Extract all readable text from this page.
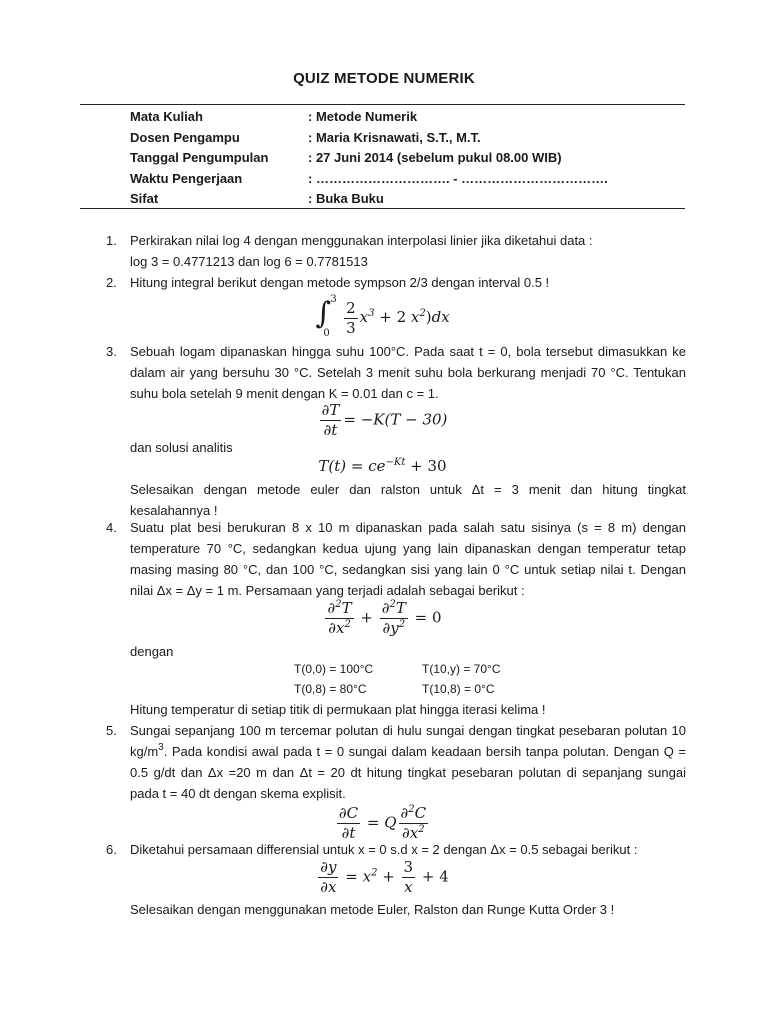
QUIZ METODE NUMERIK
Mata Kuliah	: Metode Numerik
Dosen Pengampu	: Maria Krisnawati, S.T., M.T.
Tanggal Pengumpulan	: 27 Juni 2014 (sebelum pukul 08.00 WIB)
Waktu Pengerjaan	: …………………………. - …………………………….
Sifat	: Buka Buku
1. Perkirakan nilai log 4 dengan menggunakan interpolasi linier jika diketahui data :
log 3 = 0.4771213 dan log 6 = 0.7781513
2. Hitung integral berikut dengan metode sympson 2/3 dengan interval 0.5 !
∫ 3
0
$\frac{2}{3} x^3 + 2$ $x^2)dx$
3. Sebuah logam dipanaskan hingga suhu 100°C. Pada saat t = 0, bola tersebut dimasukkan ke dalam air yang bersuhu 30 °C. Setelah 3 menit suhu bola berkurang menjadi 70 °C. Tentukan suhu bola setelah 9 menit dengan K = 0.01 dan c = 1.
$\frac{\partial T}{\partial t} = -K(T - 30)$
dan solusi analitis
$T(t) = ce^{-Kt} + 30$
Selesaikan dengan metode euler dan ralston untuk Δt = 3 menit dan hitung tingkat kesalahannya !
4. Suatu plat besi berukuran 8 x 10 m dipanaskan pada salah satu sisinya (s = 8 m) dengan temperature 70 °C, sedangkan kedua ujung yang lain dipanaskan dengan temperatur tetap masing masing 80 °C, dan 100 °C, sedangkan sisi yang lain 0 °C untuk setiap nilai t. Dengan nilai Δx = Δy = 1 m. Persamaan yang terjadi adalah sebagai berikut :
$\frac{\partial^2T}{\partial x^2} + \frac{\partial^2T}{\partial y^2} = 0$
dengan
T(0,0) = 100°C	T(10,y) = 70°C
T(0,8) = 80°C	T(10,8) = 0°C
Hitung temperatur di setiap titik di permukaan plat hingga iterasi kelima !
5. Sungai sepanjang 100 m tercemar polutan di hulu sungai dengan tingkat pesebaran polutan 10 $kg/m^3$. Pada kondisi awal pada t = 0 sungai dalam keadaan bersih tanpa polutan. Dengan Q = 0.5 g/dt dan Δx =20 m dan Δt = 20 dt hitung tingkat pesebaran polutan di sepanjang sungai pada t = 40 dt dengan skema explisit.
$\frac{\partial C}{\partial t} = Q \frac{\partial^2C}{\partial x^2}$
6. Diketahui persamaan differensial untuk x = 0 s.d x = 2 dengan Δx = 0.5 sebagai berikut :
$\frac{\partial y}{\partial x} = x^2 + \frac{3}{x} + 4$
Selesaikan dengan menggunakan metode Euler, Ralston dan Runge Kutta Order 3 !
